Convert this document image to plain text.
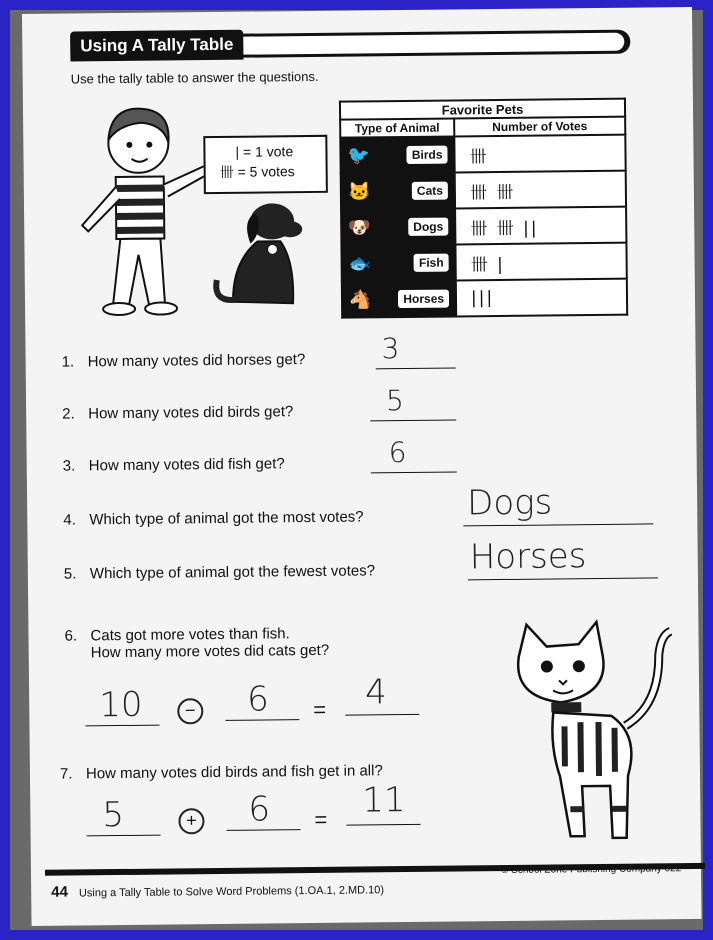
Using A Tally Table
Use the tally table to answer the questions.
| = 1 vote
卌 = 5 votes
Favorite Pets	
Type of Animal	Number of Votes

🐦 Birds	卌

🐱 Cats	卌 卌

🐶 Dogs	卌 卌 ||

🐟 Fish	卌 |

🐴 Horses	|||
1. How many votes did horses get?	3
2. How many votes did birds get?	5
3. How many votes did fish get?	6
4. Which type of animal got the most votes?	Dogs
5. Which type of animal got the fewest votes?	Horses
6. Cats got more votes than fish.
How many more votes did cats get?
10	− 6 = 4
7. How many votes did birds and fish get in all?
5	+ 6 = 11
44 Using a Tally Table to Solve Word Problems (1.OA.1, 2.MD.10)
© School Zone Publishing Company 022
